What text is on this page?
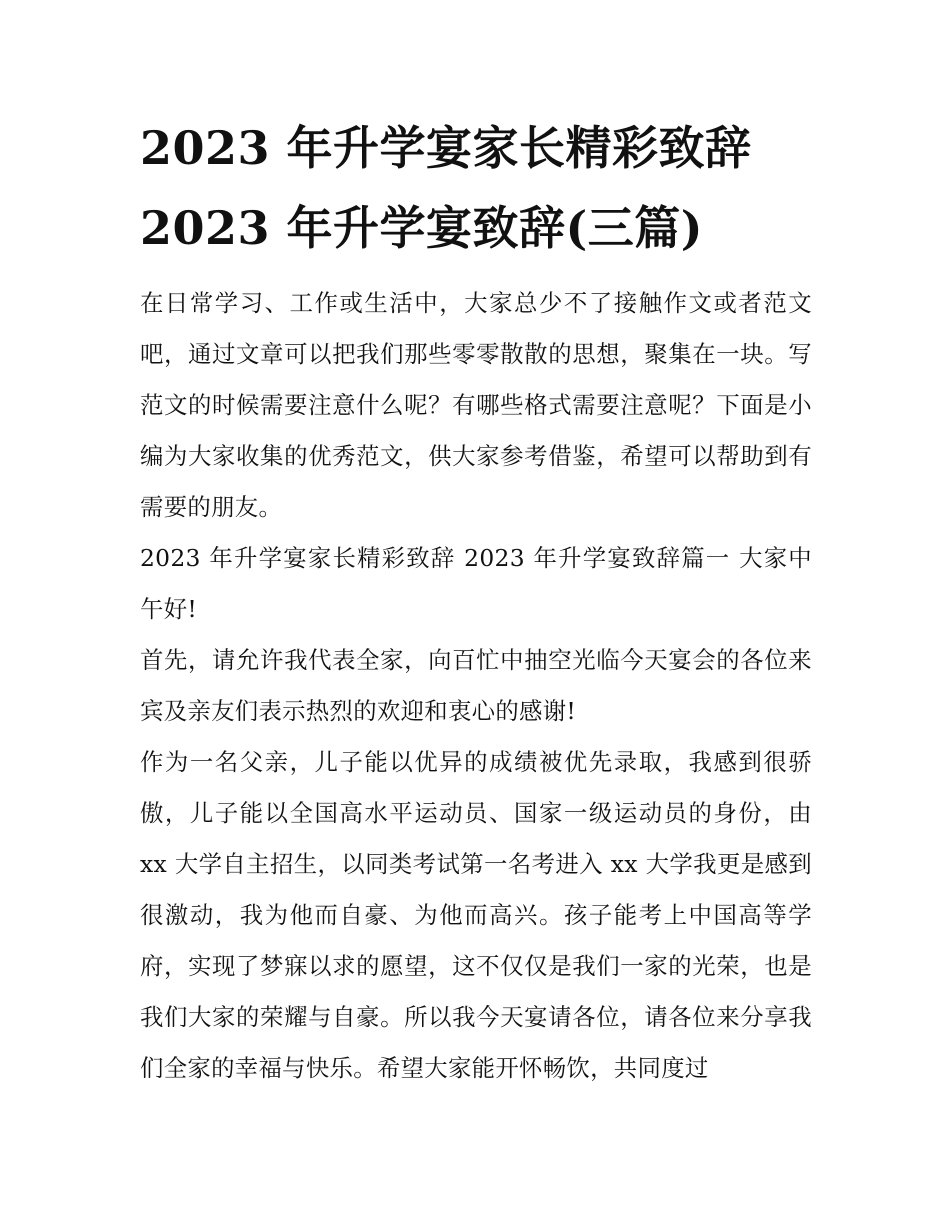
2023 年升学宴家长精彩致辞
2023 年升学宴致辞(三篇)

在日常学习、工作或生活中，大家总少不了接触作文或者范文吧，通过文章可以把我们那些零零散散的思想，聚集在一块。写范文的时候需要注意什么呢？有哪些格式需要注意呢？下面是小编为大家收集的优秀范文，供大家参考借鉴，希望可以帮助到有需要的朋友。

2023 年升学宴家长精彩致辞 2023 年升学宴致辞篇一 大家中午好!

首先，请允许我代表全家，向百忙中抽空光临今天宴会的各位来宾及亲友们表示热烈的欢迎和衷心的感谢!

作为一名父亲，儿子能以优异的成绩被优先录取，我感到很骄傲，儿子能以全国高水平运动员、国家一级运动员的身份，由 xx 大学自主招生，以同类考试第一名考进入 xx 大学我更是感到很激动，我为他而自豪、为他而高兴。孩子能考上中国高等学府，实现了梦寐以求的愿望，这不仅仅是我们一家的光荣，也是我们大家的荣耀与自豪。所以我今天宴请各位，请各位来分享我们全家的幸福与快乐。希望大家能开怀畅饮，共同度过
